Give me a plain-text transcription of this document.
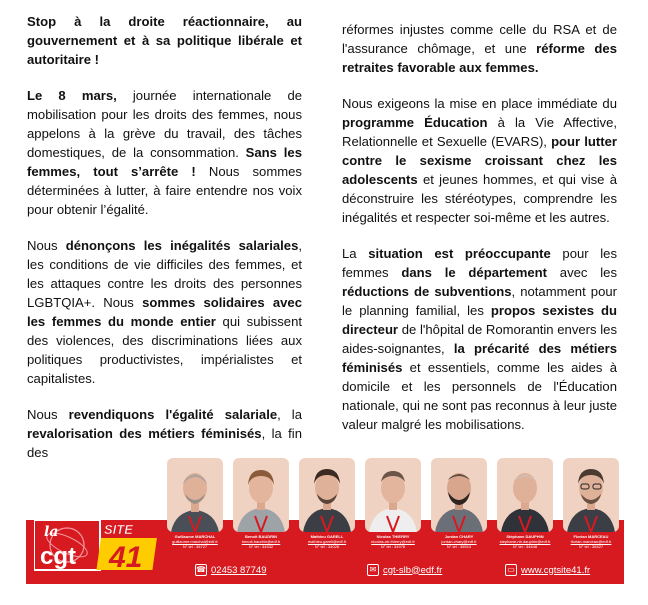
Stop à la droite réactionnaire, au gouvernement et à sa politique libérale et autoritaire !

Le 8 mars, journée internationale de mobilisation pour les droits des femmes, nous appelons à la grève du travail, des tâches domestiques, de la consommation. Sans les femmes, tout s’arrête ! Nous sommes déterminées à lutter, à faire entendre nos voix pour obtenir l’égalité.

Nous dénonçons les inégalités salariales, les conditions de vie difficiles des femmes, et les attaques contre les droits des personnes LGBTQIA+. Nous sommes solidaires avec les femmes du monde entier qui subissent des violences, des discriminations liées aux politiques productivistes, impérialistes et capitalistes.

Nous revendiquons l'égalité salariale, la revalorisation des métiers féminisés, la fin des

réformes injustes comme celle du RSA et de l'assurance chômage, et une réforme des retraites favorable aux femmes.

Nous exigeons la mise en place immédiate du programme Éducation à la Vie Affective, Relationnelle et Sexuelle (EVARS), pour lutter contre le sexisme croissant chez les adolescents et jeunes hommes, et qui vise à déconstruire les stéréotypes, comprendre les inégalités et respecter soi-même et les autres.

La situation est préoccupante pour les femmes dans le département avec les réductions de subventions, notamment pour le planning familial, les propos sexistes du directeur de l'hôpital de Romorantin envers les aides-soignantes, la précarité des métiers féminisés et essentiels, comme les aides à domicile et les personnels de l'Éducation nationale, qui ne sont pas reconnus à leur juste valeur malgré les mobilisations.

la
cgt
SITE
41
Guillaume MARCHAL
guillaume.marchal@edf.fr
N° tél : 36727
Benoit BAUDRIN
benoit.baudrin@edf.fr
N° tél : 34532
Mathieu GARELL
mathieu.garell@edf.fr
N° tél : 34026
Nicolas THIERRY
nicolas-nb.thierry@edf.fr
N° tél : 34978
Jordan CHARY
jordan.chary@edf.fr
N° tél : 36513
Stéphane DAUPHIN
stephane-nb.dauphin@edf.fr
N° tél : 34648
Florian MARCEAU
florian.marceau@edf.fr
N° tél : 36527
☎ 02453 87749	✉ cgt-slb@edf.fr	▭ www.cgtsite41.fr
